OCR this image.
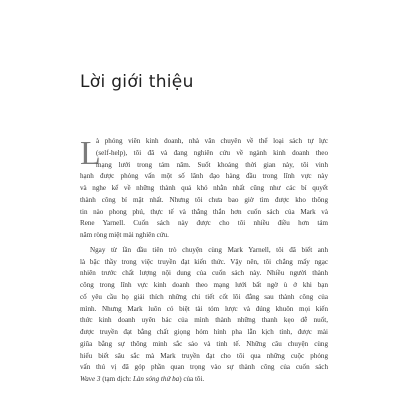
Lời giới thiệu
L

à phóng viên kinh doanh, nhà văn chuyên về thể loại sách tự lực
(self-help), tôi đã và đang nghiên cứu về ngành kinh doanh theo
mạng lưới trong tám năm. Suốt khoảng thời gian này, tôi vinh
hạnh được phỏng vấn một số lãnh đạo hàng đầu trong lĩnh vực này
và nghe kể về những thành quả khó nhằn nhất cũng như các bí quyết
thành công bí mật nhất. Nhưng tôi chưa bao giờ tìm được kho thông
tin nào phong phú, thực tế và thẳng thắn hơn cuốn sách của Mark và
Rene Yarnell. Cuốn sách này được cho tôi nhiều điều hơn tám
năm ròng miệt mài nghiên cứu.

Ngay từ lần đầu tiên trò chuyện cùng Mark Yarnell, tôi đã biết anh
là bậc thầy trong việc truyền đạt kiến thức. Vậy nên, tôi chẳng mấy ngạc
nhiên trước chất lượng nội dung của cuốn sách này. Nhiều người thành
công trong lĩnh vực kinh doanh theo mạng lưới bất ngờ ù ở khi bạn
cố yêu cầu họ giải thích những chi tiết cốt lõi đằng sau thành công của
mình. Nhưng Mark luôn có biệt tài tóm lược và đúng khuôn mọi kiến
thức kinh doanh uyên bác của mình thành những thanh kẹo dễ nuốt,
được truyền đạt bằng chất giọng hóm hỉnh pha lẫn kịch tính, được mài
giũa bằng sự thông minh sắc sảo và tinh tế. Những câu chuyện cùng
hiểu biết sâu sắc mà Mark truyền đạt cho tôi qua những cuộc phỏng
vấn thú vị đã góp phần quan trọng vào sự thành công của cuốn sách
Wave 3 (tạm dịch: Làn sóng thứ ba) của tôi.
